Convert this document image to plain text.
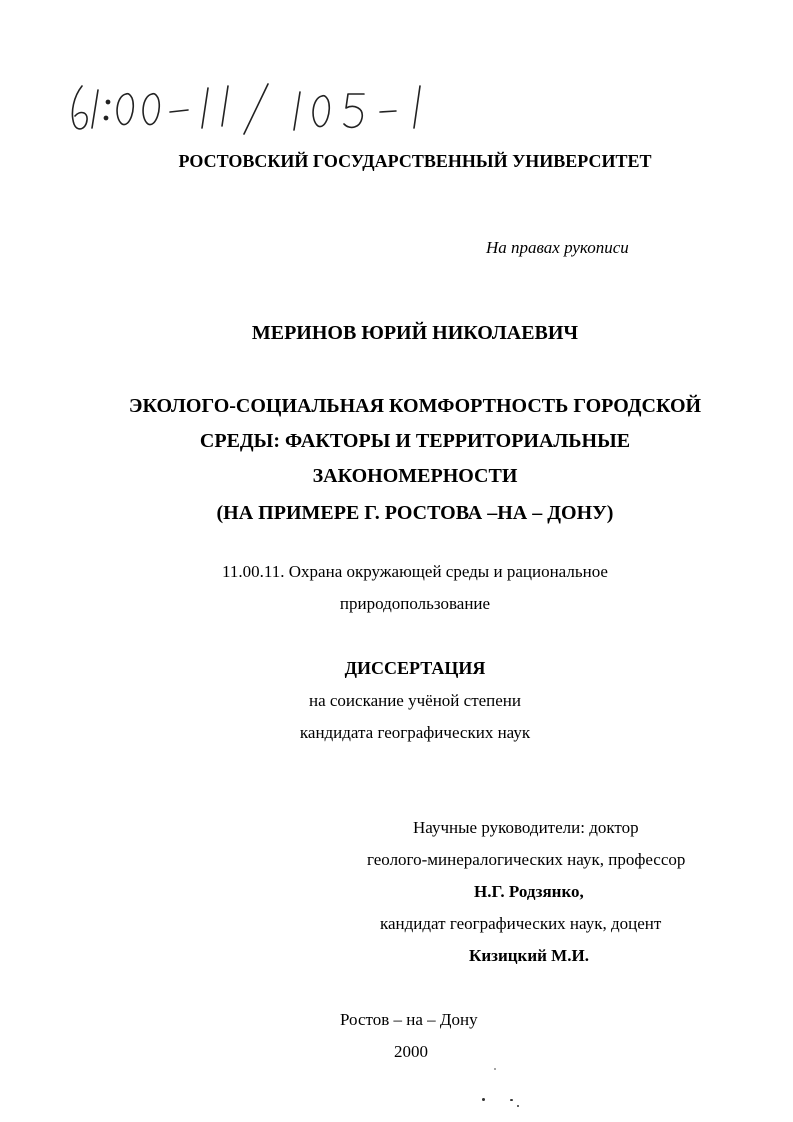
РОСТОВСКИЙ ГОСУДАРСТВЕННЫЙ УНИВЕРСИТЕТ
На правах рукописи
МЕРИНОВ ЮРИЙ НИКОЛАЕВИЧ
ЭКОЛОГО-СОЦИАЛЬНАЯ КОМФОРТНОСТЬ ГОРОДСКОЙ
СРЕДЫ: ФАКТОРЫ И ТЕРРИТОРИАЛЬНЫЕ
ЗАКОНОМЕРНОСТИ
(НА ПРИМЕРЕ Г. РОСТОВА –НА – ДОНУ)
11.00.11. Охрана окружающей среды и рациональное
природопользование
ДИССЕРТАЦИЯ
на соискание учёной степени
кандидата географических наук
Научные руководители: доктор
геолого-минералогических наук, профессор
Н.Г. Родзянко,
кандидат географических наук, доцент
Кизицкий М.И.
Ростов – на – Дону
2000
